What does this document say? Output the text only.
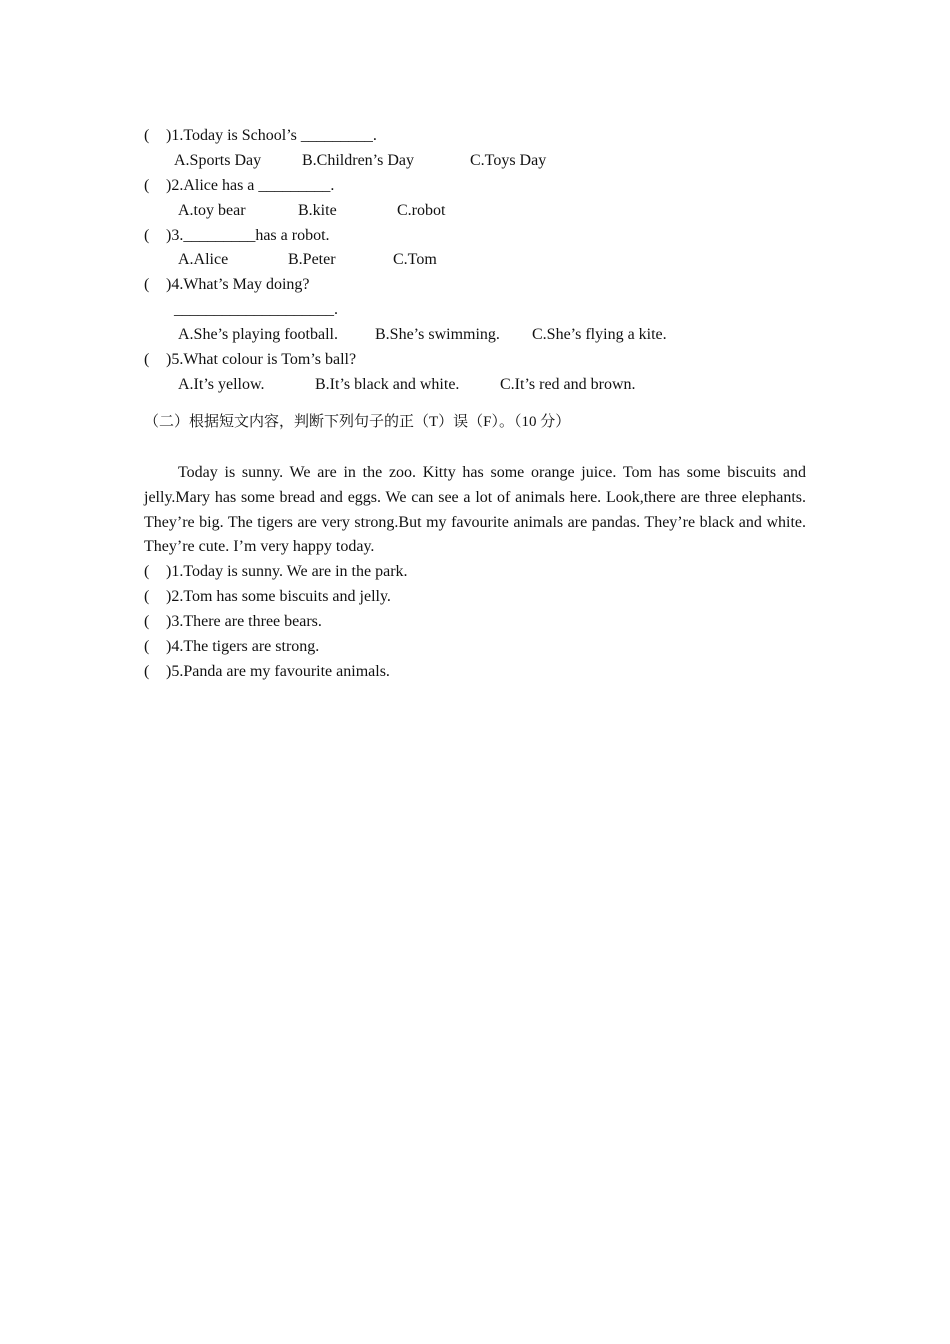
( )1.Today is School’s _________.
A.Sports Day	B.Children’s Day	C.Toys Day
( )2.Alice has a _________.
A.toy bear	B.kite	C.robot
( )3._________has a robot.
A.Alice	B.Peter	C.Tom
( )4.What’s May doing?
____________________.
A.She’s playing football. B.She’s swimming. C.She’s flying a kite.
( )5.What colour is Tom’s ball?
A.It’s yellow.	B.It’s black and white.	C.It’s red and brown.
（二）根据短文内容，判断下列句子的正（T）误（F）。（10 分）
Today is sunny. We are in the zoo. Kitty has some orange juice. Tom has some biscuits and jelly.Mary has some bread and eggs. We can see a lot of animals here. Look,there are three elephants. They’re big. The tigers are very strong.But my favourite animals are pandas. They’re black and white. They’re cute. I’m very happy today.
( )1.Today is sunny. We are in the park.
( )2.Tom has some biscuits and jelly.
( )3.There are three bears.
( )4.The tigers are strong.
( )5.Panda are my favourite animals.
